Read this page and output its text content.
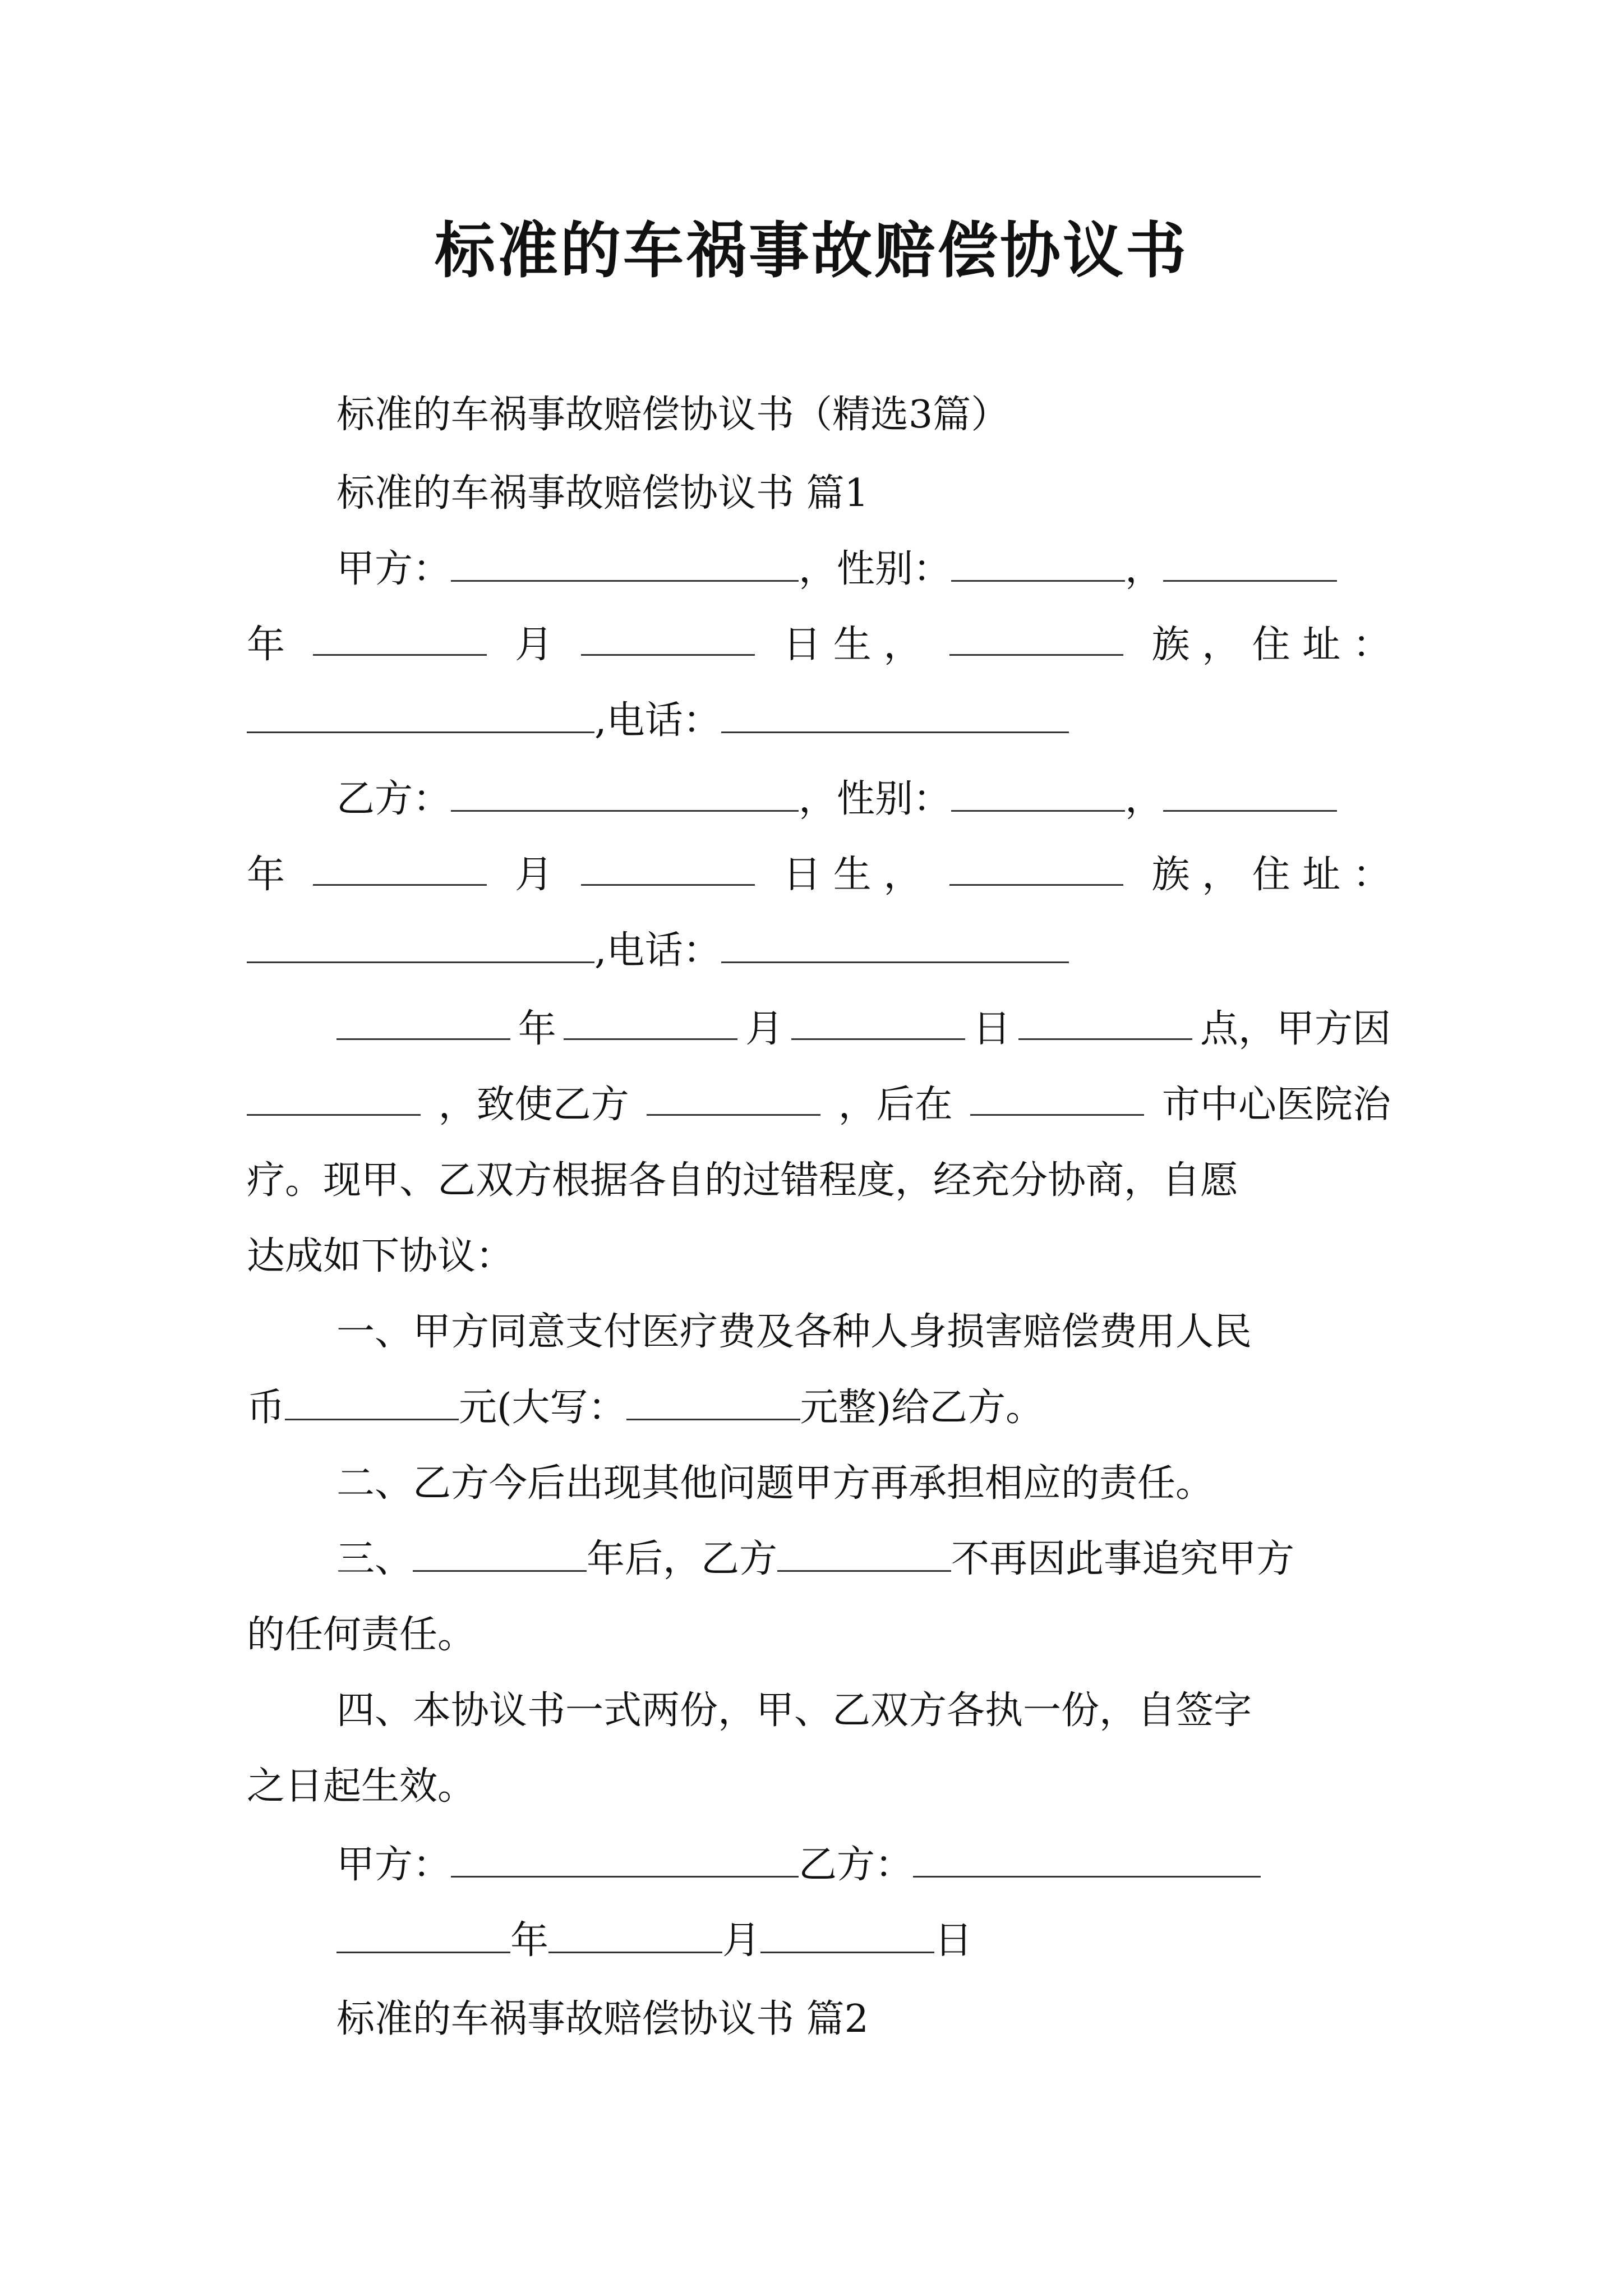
标准的车祸事故赔偿协议书
标准的车祸事故赔偿协议书（精选3篇）
标准的车祸事故赔偿协议书 篇1
甲方：	，性别：	，
年	月	日 生 ，	族 ， 住 址 ：
,电话：
乙方：	，性别：	，
年	月	日 生 ，	族 ， 住 址 ：
,电话：
年	月	日	点，甲方因
，致使乙方	，后在	市中心医院治
疗。现甲、乙双方根据各自的过错程度，经充分协商，自愿
达成如下协议：
一、甲方同意支付医疗费及各种人身损害赔偿费用人民
币	元(大写：	元整)给乙方。
二、乙方今后出现其他问题甲方再承担相应的责任。
三、	年后，乙方	不再因此事追究甲方
的任何责任。
四、本协议书一式两份，甲、乙双方各执一份，自签字
之日起生效。
甲方：	乙方：
年	月	日
标准的车祸事故赔偿协议书 篇2
